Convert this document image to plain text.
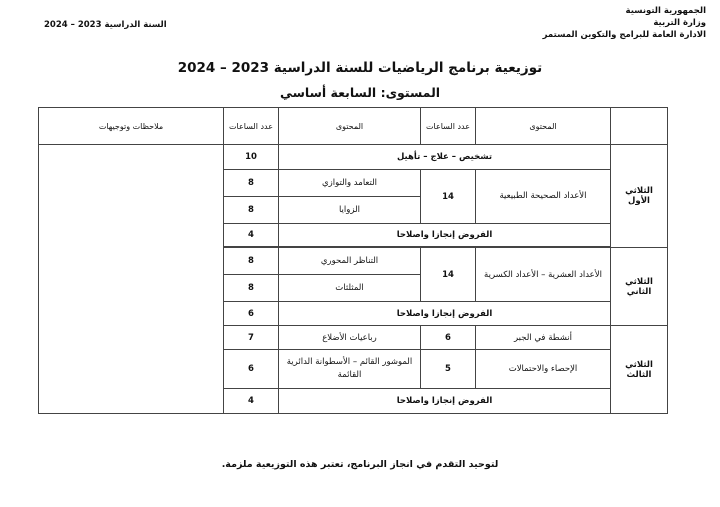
الجمهورية التونسية
وزارة التربية
الادارة العامة للبرامج والتكوين المستمر
السنة الدراسية 2023 – 2024
توزيعية برنامج الرياضيات للسنة الدراسية 2023 – 2024
المستوى: السابعة أساسي
	المحتوى	عدد الساعات	المحتوى	عدد الساعات	ملاحظات وتوجيهات
الثلاثي الأول	تشخيص – علاج – تأهيل			10	
	الأعداد الصحيحة الطبيعية	14	التعامد والتوازي	8	
			الزوايا	8	
	الفروض إنجازا واصلاحا			4	

الثلاثي الثاني	الأعداد العشرية – الأعداد الكسرية	14	التناظر المحوري	8	
			المثلثات	8	
	الفروض إنجازا واصلاحا			6	
الثلاثي الثالث	أنشطة في الجبر	6	رباعيات الأضلاع	7	
	الإحصاء والاحتمالات	5	الموشور القائم – الأسطوانة الدائرية القائمة	6	
	الفروض إنجازا واصلاحا			4	
لتوحيد التقدم في انجاز البرنامج، تعتبر هذه التوزيعية ملزمة.
